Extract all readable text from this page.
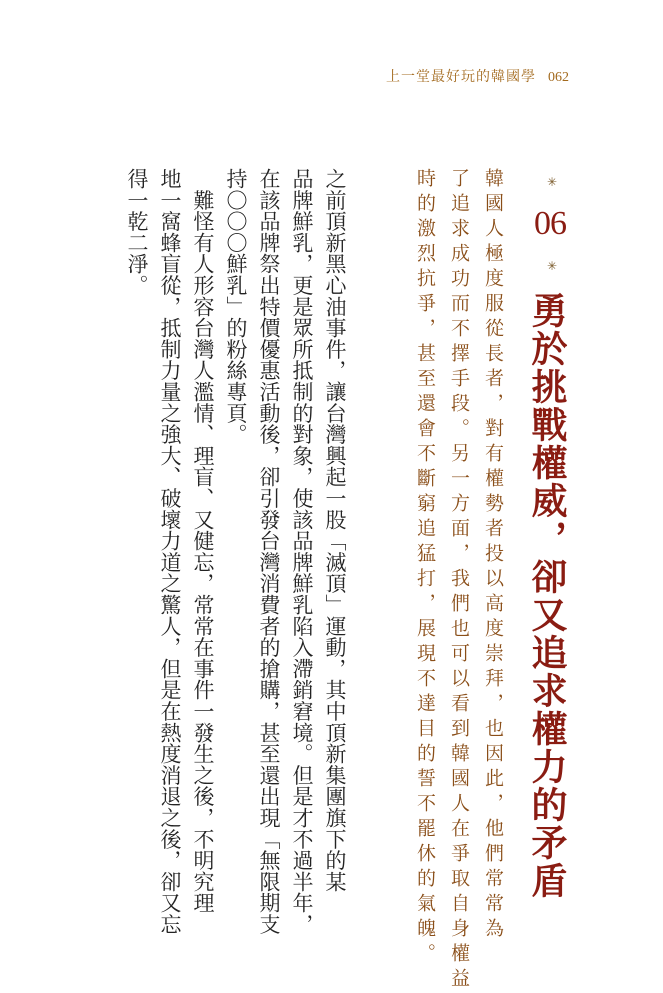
上一堂最好玩的韓國學 062
✳
06
✳
勇於挑戰權威，卻又追求權力的矛盾
韓國人極度服從長者，對有權勢者投以高度崇拜，也因此，他們常常為
了追求成功而不擇手段。另一方面，我們也可以看到韓國人在爭取自身權益
時的激烈抗爭，甚至還會不斷窮追猛打，展現不達目的誓不罷休的氣魄。
之前頂新黑心油事件，讓台灣興起一股「滅頂」運動，其中頂新集團旗下的某
品牌鮮乳，更是眾所抵制的對象，使該品牌鮮乳陷入滯銷窘境。但是才不過半年，
在該品牌祭出特價優惠活動後，卻引發台灣消費者的搶購，甚至還出現「無限期支
持〇〇〇鮮乳」的粉絲專頁。
　難怪有人形容台灣人濫情、理盲、又健忘，常常在事件一發生之後，不明究理
地一窩蜂盲從，抵制力量之強大、破壞力道之驚人，但是在熱度消退之後，卻又忘
得一乾二淨。
